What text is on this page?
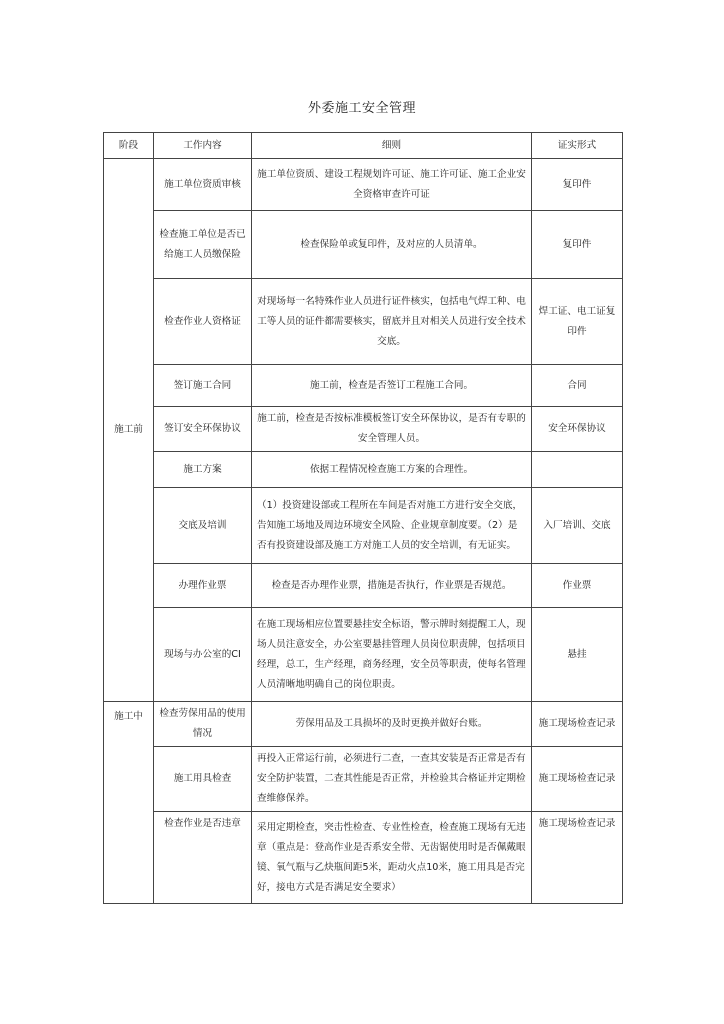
外委施工安全管理
阶段	工作内容	细则	证实形式
施工前	施工单位资质审核	施工单位资质、建设工程规划许可证、施工许可证、施工企业安全资格审查许可证	复印件
	检查施工单位是否已给施工人员缴保险	检查保险单或复印件，及对应的人员清单。	复印件
	检查作业人资格证	对现场每一名特殊作业人员进行证件核实，包括电气焊工种、电工等人员的证件都需要核实，留底并且对相关人员进行安全技术交底。	焊工证、电工证复印件
	签订施工合同	施工前，检查是否签订工程施工合同。	合同
	签订安全环保协议	施工前，检查是否按标准模板签订安全环保协议，是否有专职的安全管理人员。	安全环保协议
	施工方案	依据工程情况检查施工方案的合理性。	
	交底及培训	（1）投资建设部或工程所在车间是否对施工方进行安全交底，告知施工场地及周边环境安全风险、企业规章制度要。（2）是否有投资建设部及施工方对施工人员的安全培训，有无证实。	入厂培训、交底
	办理作业票	检查是否办理作业票，措施是否执行，作业票是否规范。	作业票
	现场与办公室的CI	在施工现场相应位置要悬挂安全标语，警示牌时刻提醒工人，现场人员注意安全，办公室要悬挂管理人员岗位职责牌，包括项目经理，总工，生产经理，商务经理，安全员等职责，使每名管理人员清晰地明确自己的岗位职责。	悬挂
施工中	检查劳保用品的使用情况	劳保用品及工具损坏的及时更换并做好台账。	施工现场检查记录
	施工用具检查	再投入正常运行前，必须进行二查，一查其安装是否正常是否有安全防护装置，二查其性能是否正常，并检验其合格证并定期检查维修保养。	施工现场检查记录
	检查作业是否违章	采用定期检查，突击性检查、专业性检查，检查施工现场有无违章（重点是：登高作业是否系安全带、无齿锯使用时是否佩戴眼镜、氧气瓶与乙炔瓶间距5米，距动火点10米，施工用具是否完好，接电方式是否满足安全要求）	施工现场检查记录
